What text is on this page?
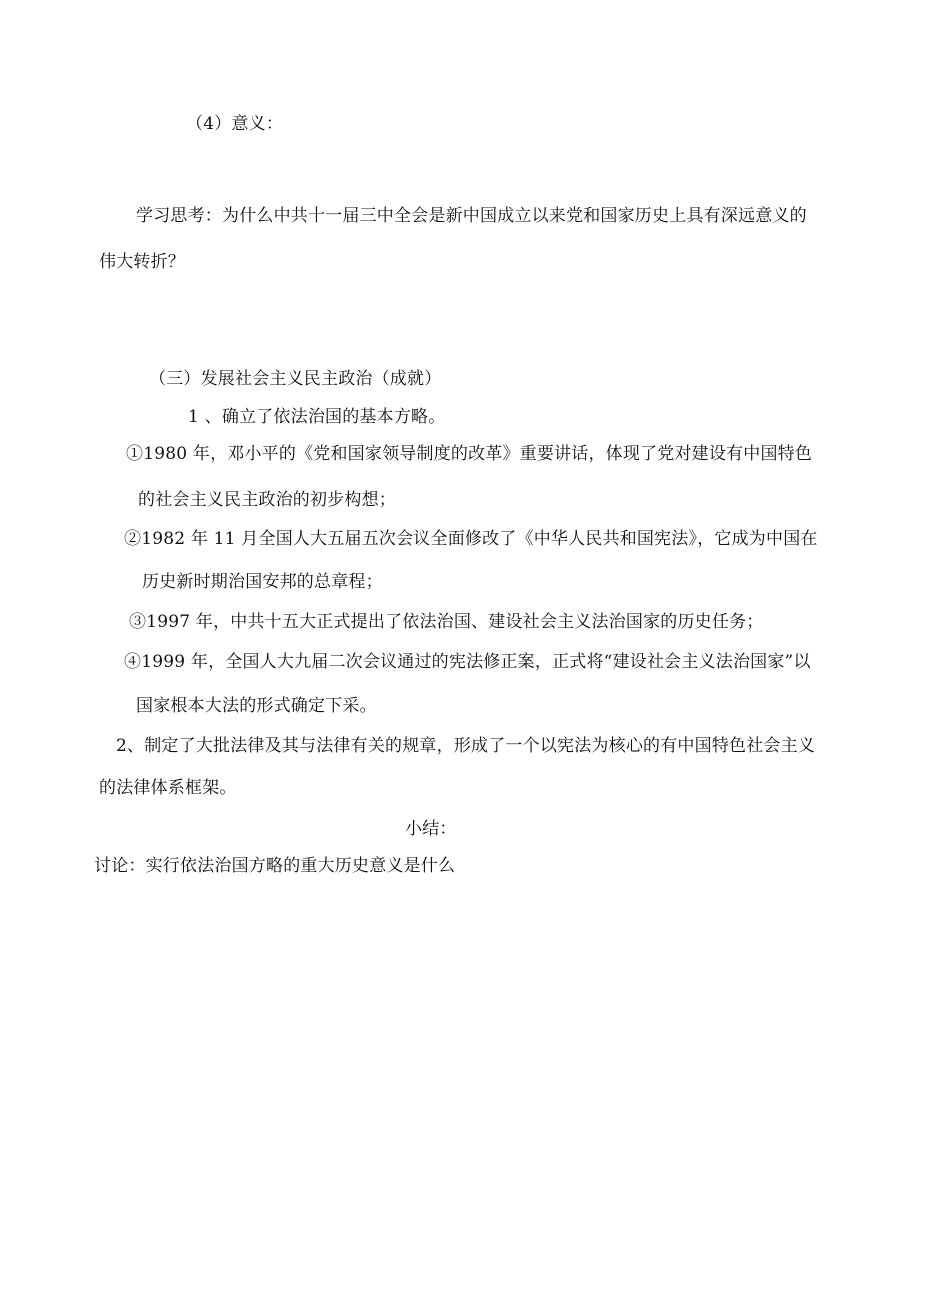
（4）意义：
学习思考：为什么中共十一届三中全会是新中国成立以来党和国家历史上具有深远意义的
伟大转折？
（三）发展社会主义民主政治（成就）
1 、确立了依法治国的基本方略。
①1980 年，邓小平的《党和国家领导制度的改革》重要讲话，体现了党对建设有中国特色
的社会主义民主政治的初步构想；
②1982 年 11 月全国人大五届五次会议全面修改了《中华人民共和国宪法》，它成为中国在
历史新时期治国安邦的总章程；
③1997 年，中共十五大正式提出了依法治国、建设社会主义法治国家的历史任务；
④1999 年，全国人大九届二次会议通过的宪法修正案，正式将“建设社会主义法治国家”以
国家根本大法的形式确定下采。
2、制定了大批法律及其与法律有关的规章，形成了一个以宪法为核心的有中国特色社会主义
的法律体系框架。
小结：
讨论：实行依法治国方略的重大历史意义是什么
